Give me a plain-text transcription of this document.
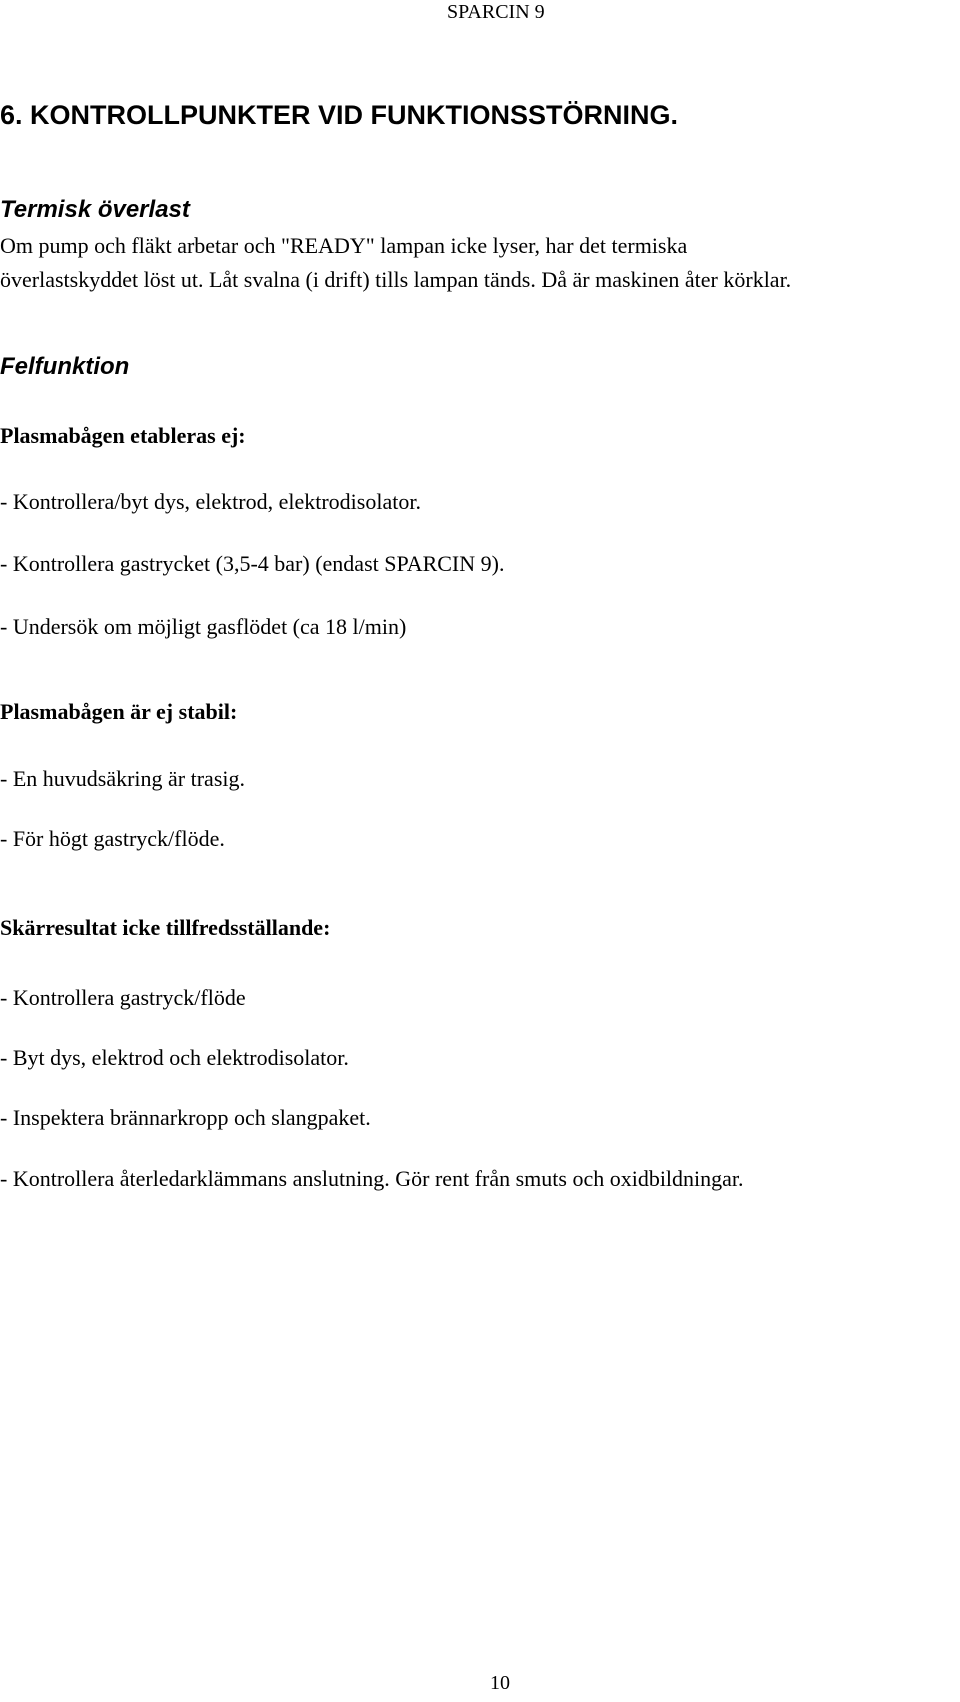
SPARCIN 9
6. KONTROLLPUNKTER VID FUNKTIONSSTÖRNING.
Termisk överlast
Om pump och fläkt arbetar och "READY" lampan icke lyser, har det termiska
överlastskyddet löst ut. Låt svalna (i drift) tills lampan tänds. Då är maskinen åter körklar.
Felfunktion
Plasmabågen etableras ej:
- Kontrollera/byt dys, elektrod, elektrodisolator.
- Kontrollera gastrycket (3,5-4 bar) (endast SPARCIN 9).
- Undersök om möjligt gasflödet (ca 18 l/min)
Plasmabågen är ej stabil:
- En huvudsäkring är trasig.
- För högt gastryck/flöde.
Skärresultat icke tillfredsställande:
- Kontrollera gastryck/flöde
- Byt dys, elektrod och elektrodisolator.
- Inspektera brännarkropp och slangpaket.
- Kontrollera återledarklämmans anslutning. Gör rent från smuts och oxidbildningar.
10
